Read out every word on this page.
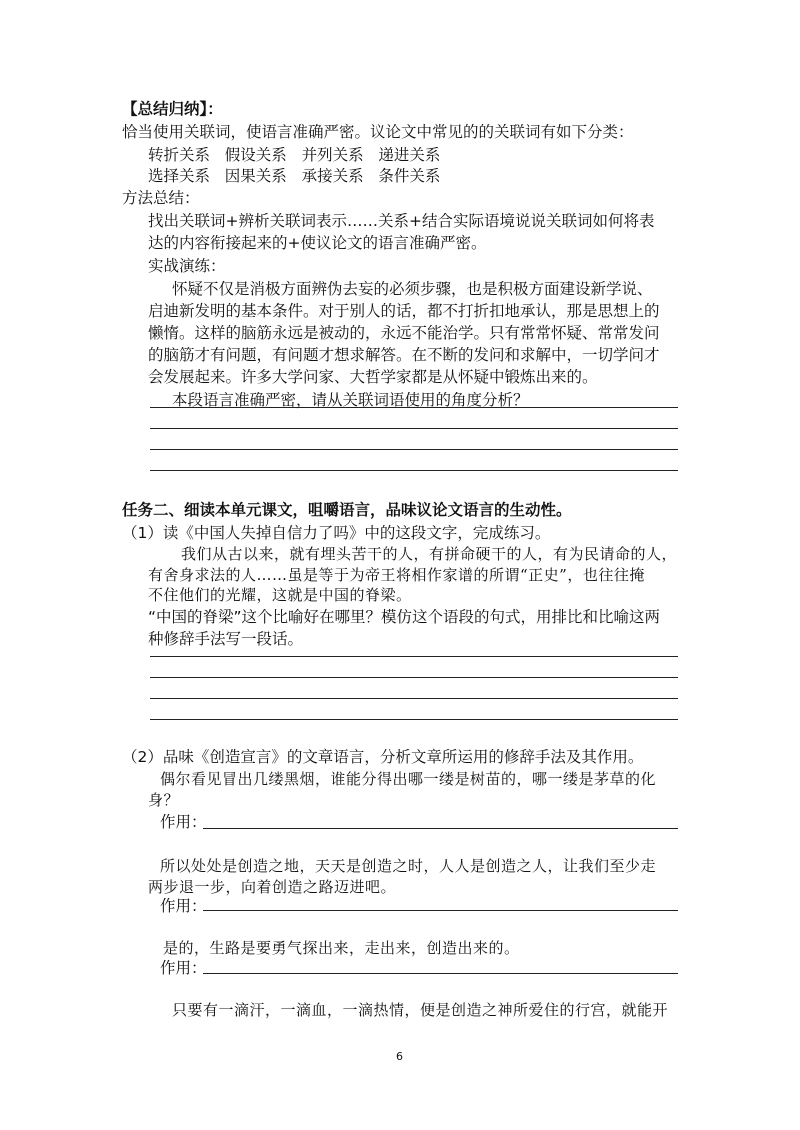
【总结归纳】：
恰当使用关联词，使语言准确严密。议论文中常见的的关联词有如下分类：
转折关系   假设关系   并列关系   递进关系
选择关系   因果关系   承接关系   条件关系
方法总结：
找出关联词+辨析关联词表示……关系+结合实际语境说说关联词如何将表
达的内容衔接起来的+使议论文的语言准确严密。
实战演练：
怀疑不仅是消极方面辨伪去妄的必须步骤，也是积极方面建设新学说、
启迪新发明的基本条件。对于别人的话，都不打折扣地承认，那是思想上的
懒惰。这样的脑筋永远是被动的，永远不能治学。只有常常怀疑、常常发问
的脑筋才有问题，有问题才想求解答。在不断的发问和求解中，一切学问才
会发展起来。许多大学问家、大哲学家都是从怀疑中锻炼出来的。
本段语言准确严密，请从关联词语使用的角度分析？
任务二、细读本单元课文，咀嚼语言，品味议论文语言的生动性。
（1）读《中国人失掉自信力了吗》中的这段文字，完成练习。
我们从古以来，就有埋头苦干的人，有拼命硬干的人，有为民请命的人，
有舍身求法的人……虽是等于为帝王将相作家谱的所谓“正史”，也往往掩
不住他们的光耀，这就是中国的脊梁。
“中国的脊梁”这个比喻好在哪里？模仿这个语段的句式，用排比和比喻这两
种修辞手法写一段话。
（2）品味《创造宣言》的文章语言，分析文章所运用的修辞手法及其作用。
偶尔看见冒出几缕黑烟，谁能分得出哪一缕是树苗的，哪一缕是茅草的化
身？
作用：
所以处处是创造之地，天天是创造之时，人人是创造之人，让我们至少走
两步退一步，向着创造之路迈进吧。
作用：
是的，生路是要勇气探出来，走出来，创造出来的。
作用：
只要有一滴汗，一滴血，一滴热情，便是创造之神所爱住的行宫，就能开
6
